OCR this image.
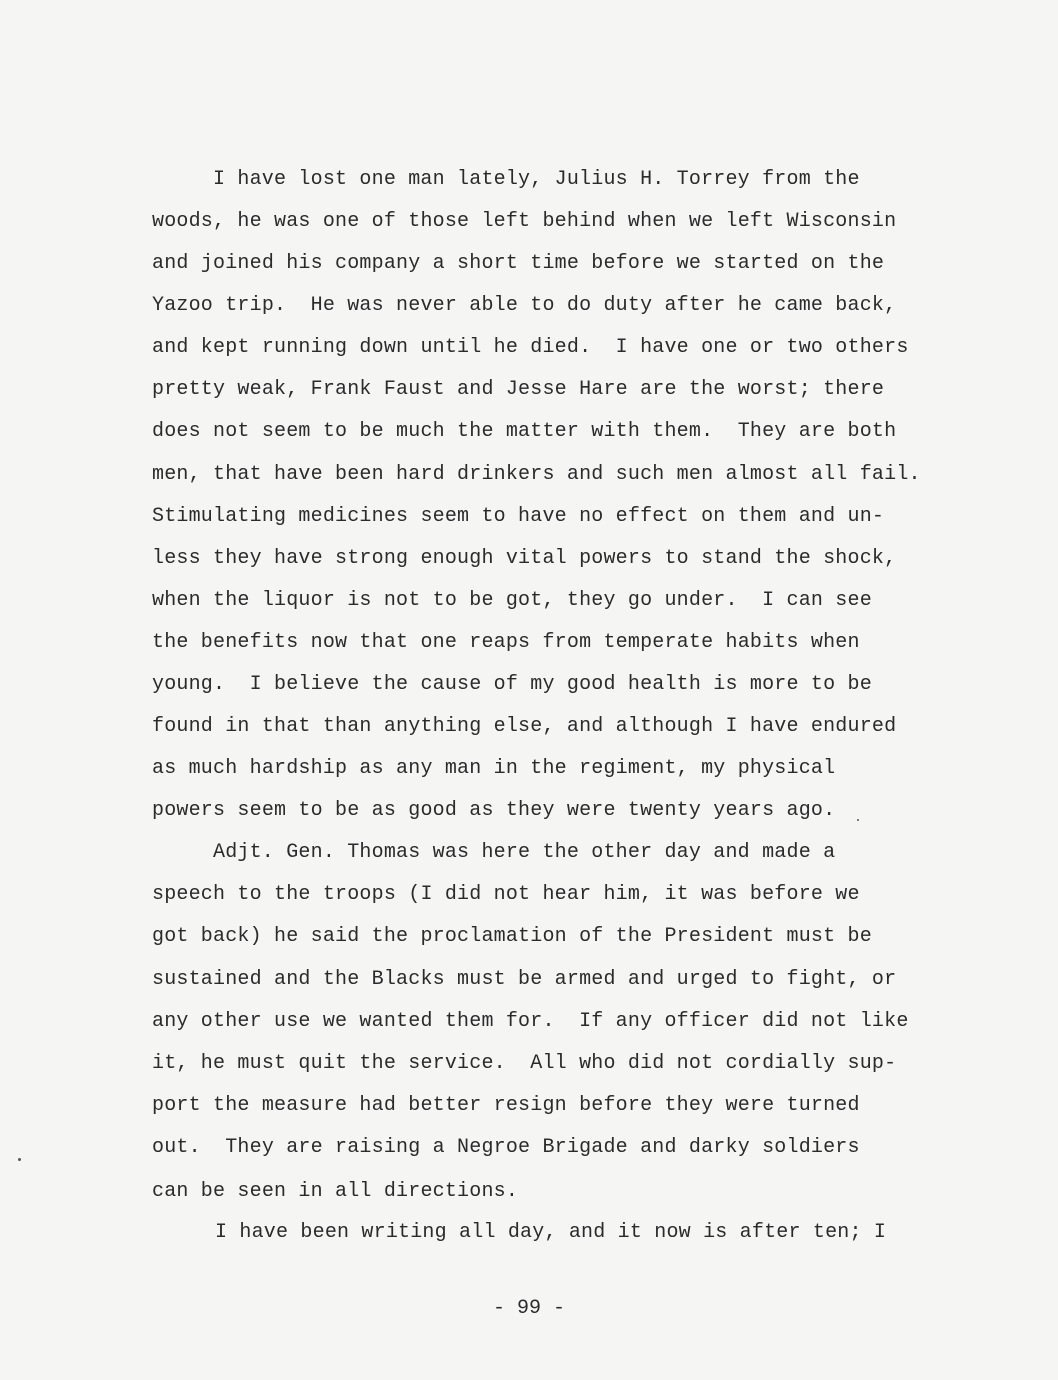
I have lost one man lately, Julius H. Torrey from the
woods, he was one of those left behind when we left Wisconsin
and joined his company a short time before we started on the
Yazoo trip.  He was never able to do duty after he came back,
and kept running down until he died.  I have one or two others
pretty weak, Frank Faust and Jesse Hare are the worst; there
does not seem to be much the matter with them.  They are both
men, that have been hard drinkers and such men almost all fail.
Stimulating medicines seem to have no effect on them and un-
less they have strong enough vital powers to stand the shock,
when the liquor is not to be got, they go under.  I can see
the benefits now that one reaps from temperate habits when
young.  I believe the cause of my good health is more to be
found in that than anything else, and although I have endured
as much hardship as any man in the regiment, my physical
powers seem to be as good as they were twenty years ago.
Adjt. Gen. Thomas was here the other day and made a
speech to the troops (I did not hear him, it was before we
got back) he said the proclamation of the President must be
sustained and the Blacks must be armed and urged to fight, or
any other use we wanted them for.  If any officer did not like
it, he must quit the service.  All who did not cordially sup-
port the measure had better resign before they were turned
out.  They are raising a Negroe Brigade and darky soldiers
can be seen in all directions.
I have been writing all day, and it now is after ten; I
- 99 -
